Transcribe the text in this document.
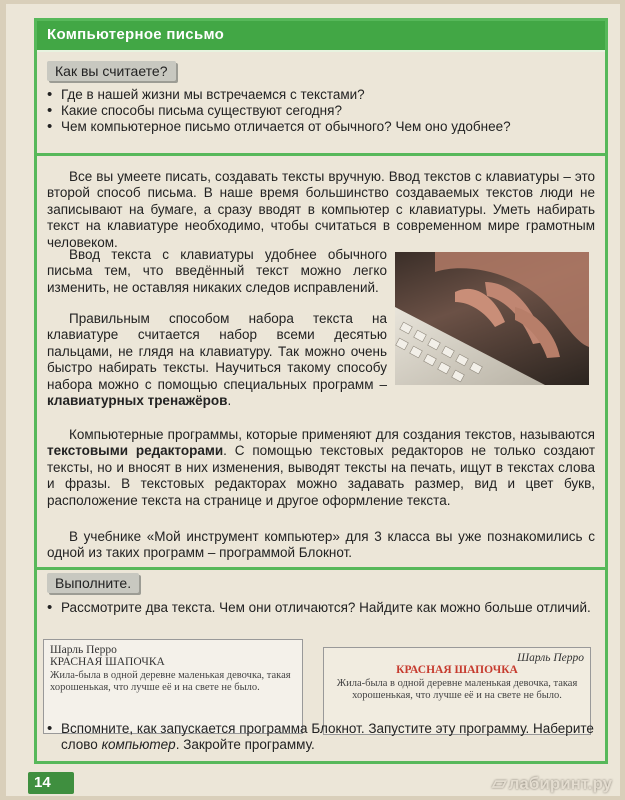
Компьютерное письмо
Как вы считаете?
• Где в нашей жизни мы встречаемся с текстами?
• Какие способы письма существуют сегодня?
• Чем компьютерное письмо отличается от обычного? Чем оно удобнее?

Все вы умеете писать, создавать тексты вручную. Ввод текстов с клавиатуры – это второй способ письма. В наше время большинство создаваемых текстов люди не записывают на бумаге, а сразу вводят в компьютер с клавиатуры. Уметь набирать текст на клавиатуре необходимо, чтобы считаться в современном мире грамотным человеком.

Ввод текста с клавиатуры удобнее обычного письма тем, что введённый текст можно легко изменить, не оставляя никаких следов исправлений.

Правильным способом набора текста на клавиатуре считается набор всеми десятью пальцами, не глядя на клавиатуру. Так можно очень быстро набирать тексты. Научиться такому способу набора можно с помощью специальных программ – клавиатурных тренажёров.

Компьютерные программы, которые применяют для создания текстов, называются текстовыми редакторами. С помощью текстовых редакторов не только создают тексты, но и вносят в них изменения, выводят тексты на печать, ищут в текстах слова и фразы. В текстовых редакторах можно задавать размер, вид и цвет букв, расположение текста на странице и другое оформление текста.

В учебнике «Мой инструмент компьютер» для 3 класса вы уже познакомились с одной из таких программ – программой Блокнот.

Выполните.
• Рассмотрите два текста. Чем они отличаются? Найдите как можно больше отличий.
Шарль Перро
КРАСНАЯ ШАПОЧКА
Жила-была в одной деревне маленькая девочка, такая хорошенькая, что лучше её и на свете не было.
Шарль Перро
КРАСНАЯ ШАПОЧКА
Жила-была в одной деревне маленькая девочка, такая хорошенькая, что лучше её и на свете не было.
• Вспомните, как запускается программа Блокнот. Запустите эту программу. Наберите слово компьютер. Закройте программу.
14	▱ лабиринт.ру
